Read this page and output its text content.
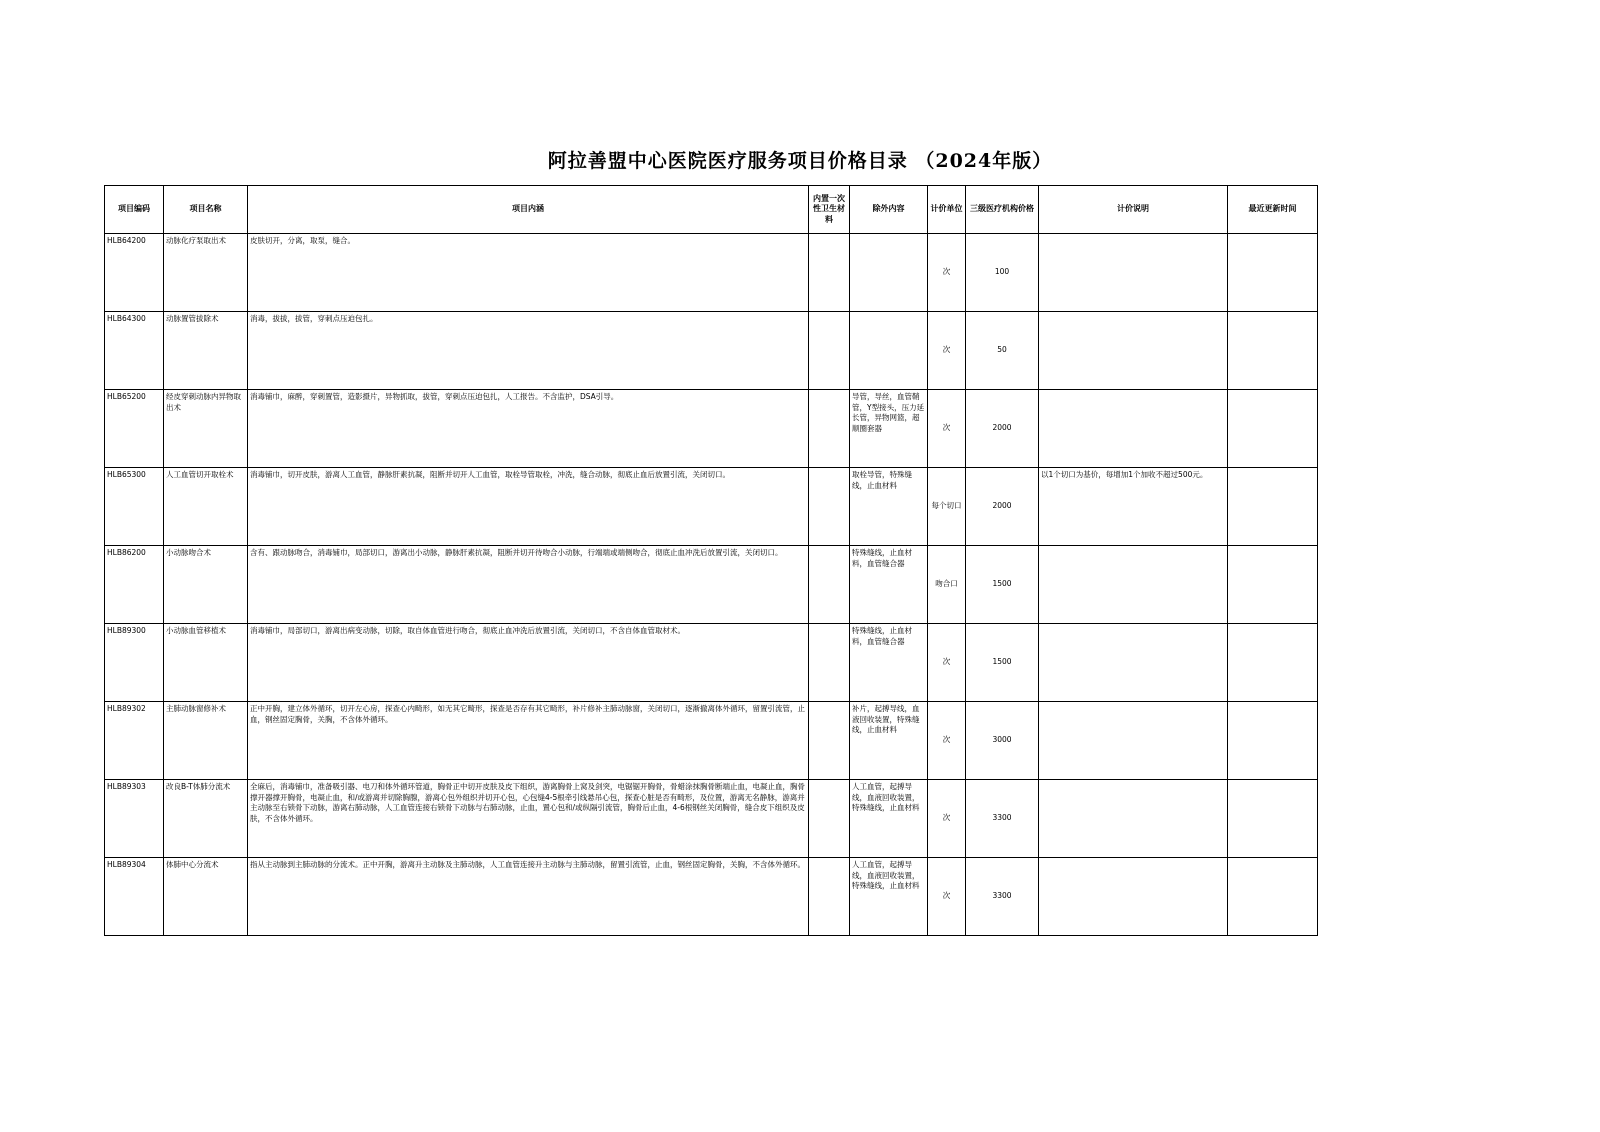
阿拉善盟中心医院医疗服务项目价格目录 （2024年版）
项目编码	项目名称	项目内涵	内置一次性卫生材料	除外内容	计价单位	三级医疗机构价格	计价说明	最近更新时间
HLB64200	动脉化疗泵取出术	皮肤切开，分离，取泵，缝合。			次	100		
HLB64300	动脉置管拔除术	消毒，拔拔，拔管，穿刺点压迫包扎。			次	50		
HLB65200	经皮穿刺动脉内异物取出术	消毒铺巾，麻醉，穿刺置管，造影摄片，异物抓取，拔管，穿刺点压迫包扎，人工报告。不含监护，DSA引导。		导管，导丝，血管鞘管，Y型接头，压力延长管，异物网篮，超顺圈套器	次	2000		
HLB65300	人工血管切开取栓术	消毒铺巾，切开皮肤，游离人工血管，静脉肝素抗凝，阻断并切开人工血管，取栓导管取栓，冲洗，缝合动脉，彻底止血后放置引流，关闭切口。		取栓导管，特殊缝线，止血材料	每个切口	2000	以1个切口为基价，每增加1个加收不超过500元。	
HLB86200	小动脉吻合术	含有、跟动脉吻合，消毒铺巾，局部切口，游离出小动脉，静脉肝素抗凝，阻断并切开待吻合小动脉，行端端或端侧吻合，彻底止血冲洗后放置引流，关闭切口。		特殊缝线，止血材料，血管缝合器	吻合口	1500		
HLB89300	小动脉血管移植术	消毒铺巾，局部切口，游离出病变动脉，切除，取自体血管进行吻合，彻底止血冲洗后放置引流，关闭切口，不含自体血管取材术。		特殊缝线，止血材料，血管缝合器	次	1500		
HLB89302	主肺动脉窗修补术	正中开胸，建立体外循环，切开左心房，探查心内畸形，如无其它畸形，探查是否存有其它畸形，补片修补主肺动脉窗，关闭切口，逐渐撤离体外循环，留置引流管，止血，钢丝固定胸骨，关胸，不含体外循环。		补片，起搏导线，血液回收装置，特殊缝线，止血材料	次	3000		
HLB89303	改良B-T体肺分流术	全麻后，消毒铺巾，准备吸引器、电刀和体外循环管道，胸骨正中切开皮肤及皮下组织，游离胸骨上窝及剑突，电锯锯开胸骨，骨蜡涂抹胸骨断端止血，电凝止血，胸骨撑开器撑开胸骨，电凝止血，和/或游离并切除胸腺，游离心包外组织并切开心包，心包缝4-5根牵引线悬吊心包，探查心脏是否有畸形，及位置，游离无名静脉，游离并主动脉至右锁骨下动脉，游离右肺动脉，人工血管连接右锁骨下动脉与右肺动脉，止血，置心包和/或纵隔引流管，胸骨后止血，4-6根钢丝关闭胸骨，缝合皮下组织及皮肤，不含体外循环。		人工血管，起搏导线，血液回收装置，特殊缝线，止血材料	次	3300		
HLB89304	体肺中心分流术	指从主动脉到主肺动脉的分流术。正中开胸，游离升主动脉及主肺动脉，人工血管连接升主动脉与主肺动脉，留置引流管，止血，钢丝固定胸骨，关胸，不含体外循环。		人工血管，起搏导线，血液回收装置，特殊缝线，止血材料	次	3300		
